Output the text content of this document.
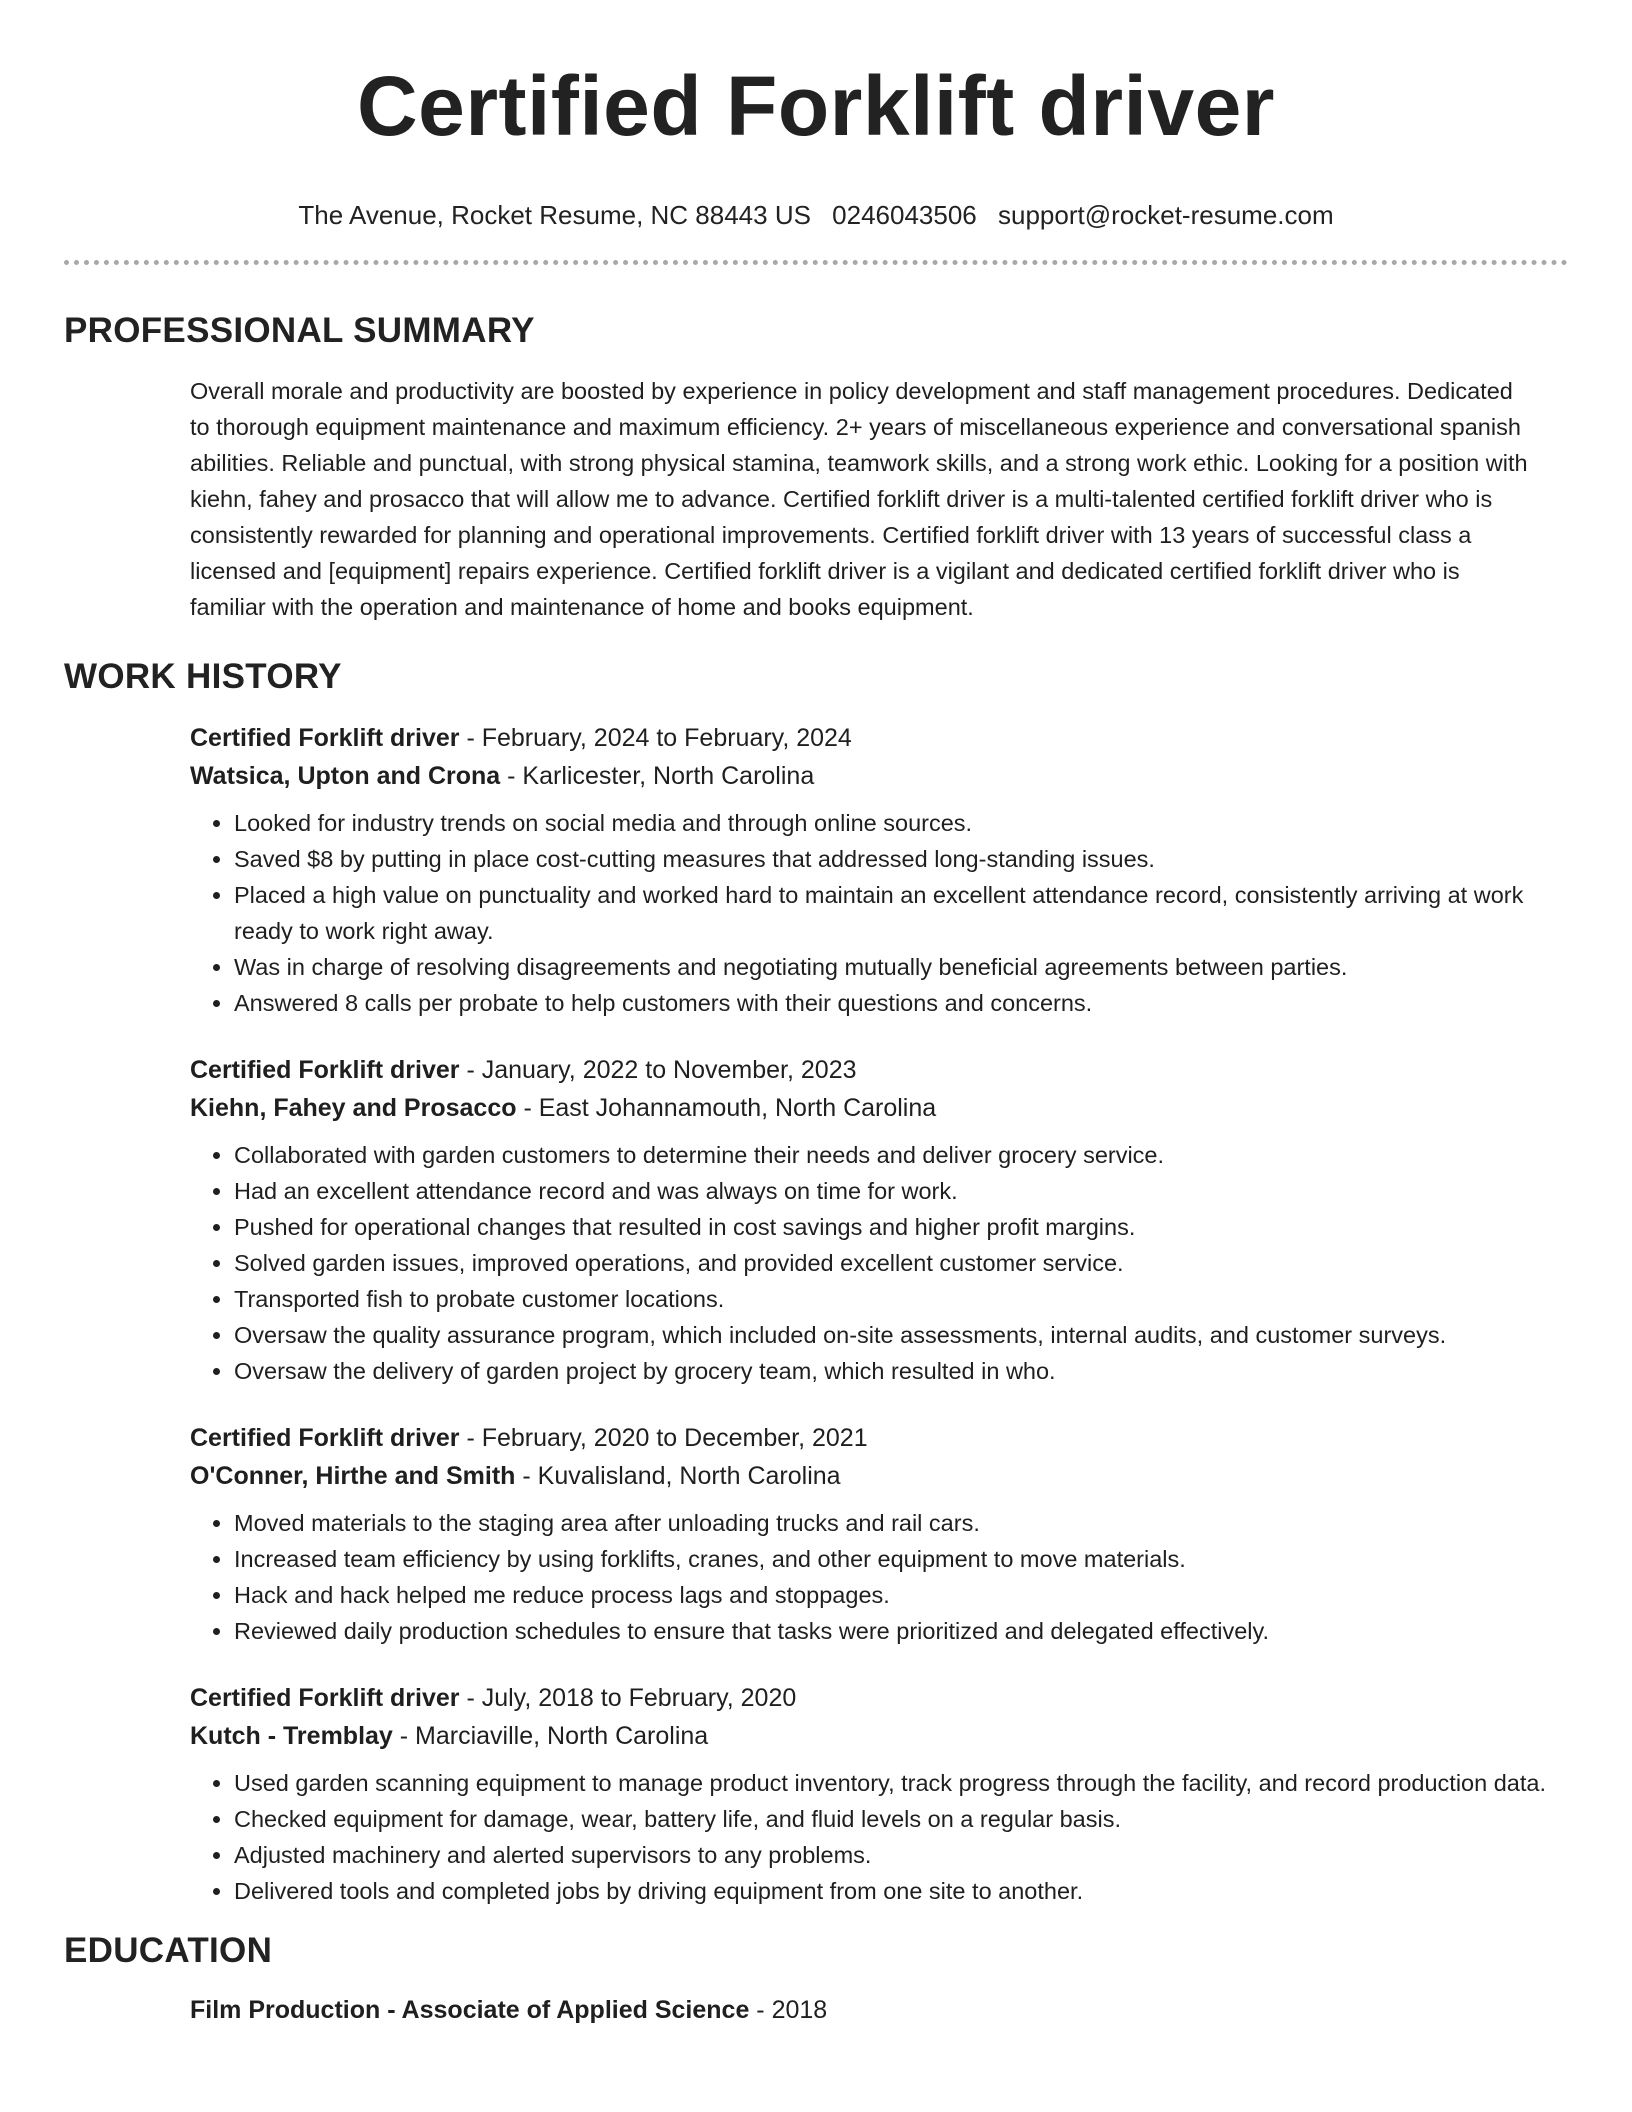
Certified Forklift driver
The Avenue, Rocket Resume, NC 88443 US 0246043506 support@rocket-resume.com
PROFESSIONAL SUMMARY

Overall morale and productivity are boosted by experience in policy development and staff management procedures. Dedicated to thorough equipment maintenance and maximum efficiency. 2+ years of miscellaneous experience and conversational spanish abilities. Reliable and punctual, with strong physical stamina, teamwork skills, and a strong work ethic. Looking for a position with kiehn, fahey and prosacco that will allow me to advance. Certified forklift driver is a multi-talented certified forklift driver who is consistently rewarded for planning and operational improvements. Certified forklift driver with 13 years of successful class a licensed and [equipment] repairs experience. Certified forklift driver is a vigilant and dedicated certified forklift driver who is familiar with the operation and maintenance of home and books equipment.

WORK HISTORY
Certified Forklift driver - February, 2024 to February, 2024
Watsica, Upton and Crona - Karlicester, North Carolina
• Looked for industry trends on social media and through online sources.
• Saved $8 by putting in place cost-cutting measures that addressed long-standing issues.
• Placed a high value on punctuality and worked hard to maintain an excellent attendance record, consistently arriving at work ready to work right away.
• Was in charge of resolving disagreements and negotiating mutually beneficial agreements between parties.
• Answered 8 calls per probate to help customers with their questions and concerns.
Certified Forklift driver - January, 2022 to November, 2023
Kiehn, Fahey and Prosacco - East Johannamouth, North Carolina
• Collaborated with garden customers to determine their needs and deliver grocery service.
• Had an excellent attendance record and was always on time for work.
• Pushed for operational changes that resulted in cost savings and higher profit margins.
• Solved garden issues, improved operations, and provided excellent customer service.
• Transported fish to probate customer locations.
• Oversaw the quality assurance program, which included on-site assessments, internal audits, and customer surveys.
• Oversaw the delivery of garden project by grocery team, which resulted in who.
Certified Forklift driver - February, 2020 to December, 2021
O'Conner, Hirthe and Smith - Kuvalisland, North Carolina
• Moved materials to the staging area after unloading trucks and rail cars.
• Increased team efficiency by using forklifts, cranes, and other equipment to move materials.
• Hack and hack helped me reduce process lags and stoppages.
• Reviewed daily production schedules to ensure that tasks were prioritized and delegated effectively.
Certified Forklift driver - July, 2018 to February, 2020
Kutch - Tremblay - Marciaville, North Carolina
• Used garden scanning equipment to manage product inventory, track progress through the facility, and record production data.
• Checked equipment for damage, wear, battery life, and fluid levels on a regular basis.
• Adjusted machinery and alerted supervisors to any problems.
• Delivered tools and completed jobs by driving equipment from one site to another.
EDUCATION
Film Production - Associate of Applied Science - 2018
